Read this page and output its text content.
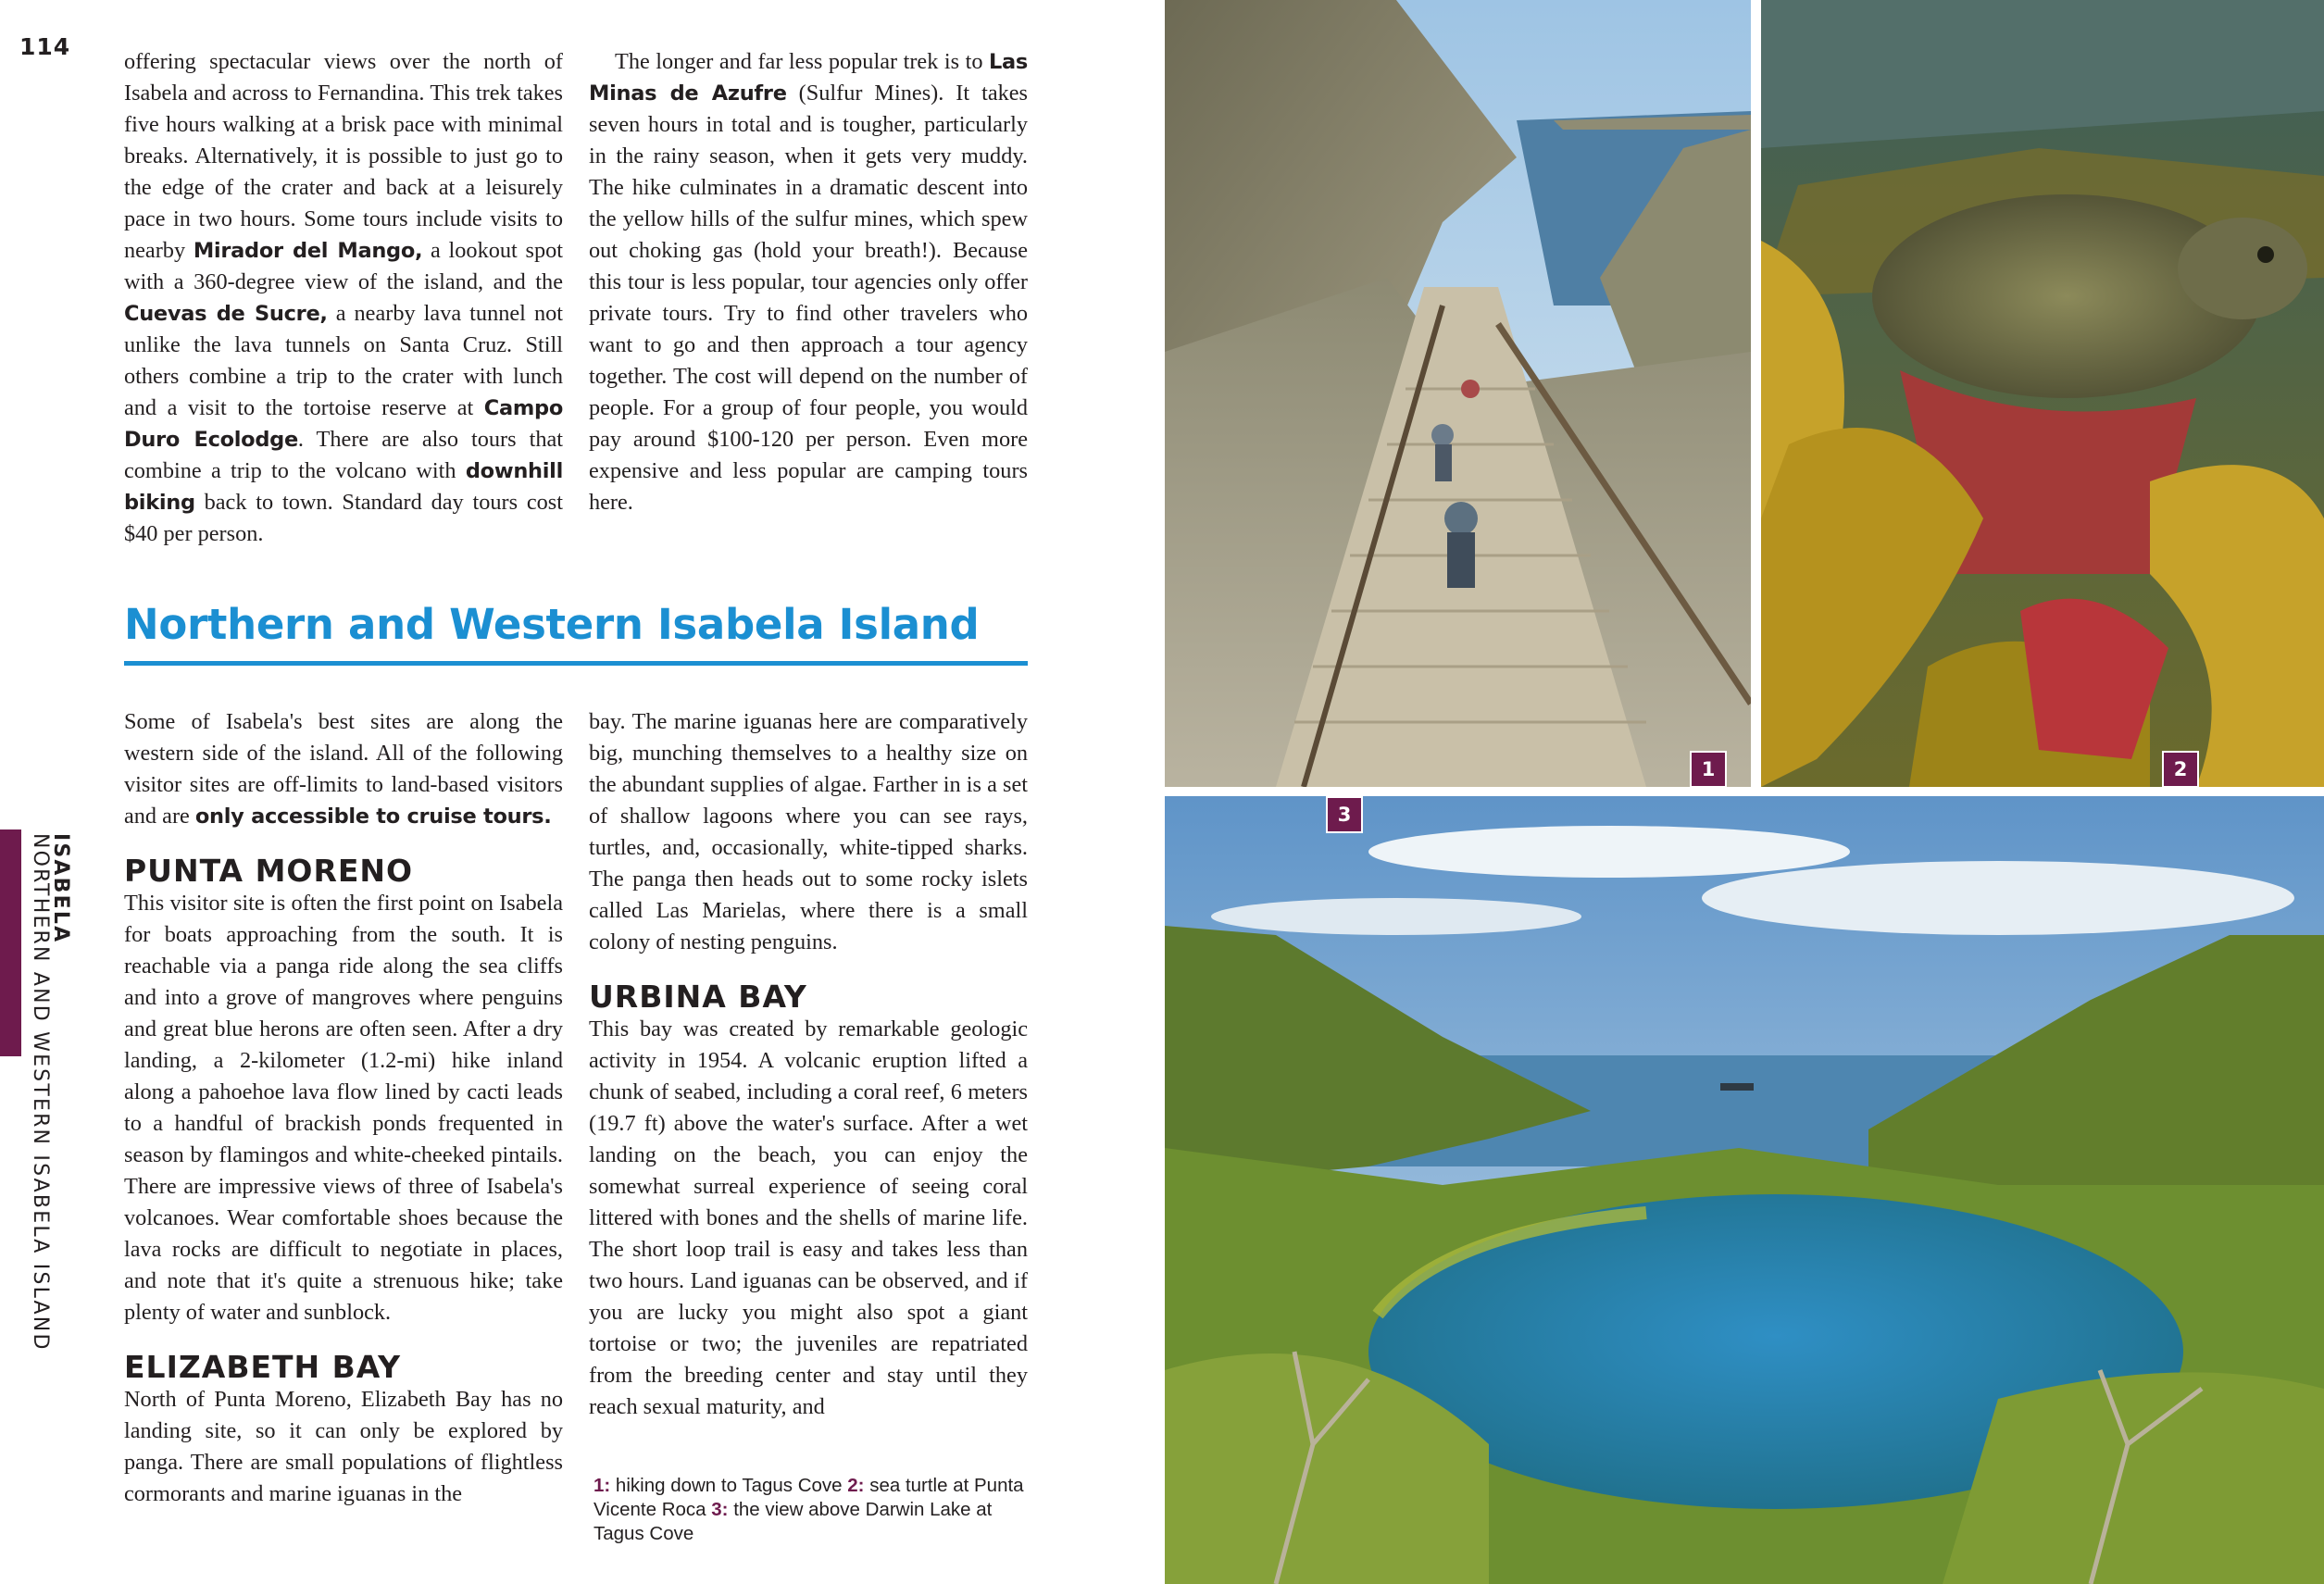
114

offering spectacular views over the north of Isabela and across to Fernandina. This trek takes five hours walking at a brisk pace with minimal breaks. Alternatively, it is possible to just go to the edge of the crater and back at a leisurely pace in two hours. Some tours include visits to nearby Mirador del Mango, a lookout spot with a 360-degree view of the island, and the Cuevas de Sucre, a nearby lava tunnel not unlike the lava tunnels on Santa Cruz. Still others combine a trip to the crater with lunch and a visit to the tortoise reserve at Campo Duro Ecolodge. There are also tours that combine a trip to the volcano with downhill biking back to town. Standard day tours cost $40 per person.

The longer and far less popular trek is to Las Minas de Azufre (Sulfur Mines). It takes seven hours in total and is tougher, particularly in the rainy season, when it gets very muddy. The hike culminates in a dramatic descent into the yellow hills of the sulfur mines, which spew out choking gas (hold your breath!). Because this tour is less popular, tour agencies only offer private tours. Try to find other travelers who want to go and then approach a tour agency together. The cost will depend on the number of people. For a group of four people, you would pay around $100-120 per person. Even more expensive and less popular are camping tours here.

Northern and Western Isabela Island

Some of Isabela's best sites are along the western side of the island. All of the following visitor sites are off-limits to land-based visitors and are only accessible to cruise tours.

PUNTA MORENO

This visitor site is often the first point on Isabela for boats approaching from the south. It is reachable via a panga ride along the sea cliffs and into a grove of mangroves where penguins and great blue herons are often seen. After a dry landing, a 2-kilometer (1.2-mi) hike inland along a pahoehoe lava flow lined by cacti leads to a handful of brackish ponds frequented in season by flamingos and white-cheeked pintails. There are impressive views of three of Isabela's volcanoes. Wear comfortable shoes because the lava rocks are difficult to negotiate in places, and note that it's quite a strenuous hike; take plenty of water and sunblock.

ELIZABETH BAY

North of Punta Moreno, Elizabeth Bay has no landing site, so it can only be explored by panga. There are small populations of flightless cormorants and marine iguanas in the

bay. The marine iguanas here are comparatively big, munching themselves to a healthy size on the abundant supplies of algae. Farther in is a set of shallow lagoons where you can see rays, turtles, and, occasionally, white-tipped sharks. The panga then heads out to some rocky islets called Las Marielas, where there is a small colony of nesting penguins.

URBINA BAY

This bay was created by remarkable geologic activity in 1954. A volcanic eruption lifted a chunk of seabed, including a coral reef, 6 meters (19.7 ft) above the water's surface. After a wet landing on the beach, you can enjoy the somewhat surreal experience of seeing coral littered with bones and the shells of marine life. The short loop trail is easy and takes less than two hours. Land iguanas can be observed, and if you are lucky you might also spot a giant tortoise or two; the juveniles are repatriated from the breeding center and stay until they reach sexual maturity, and

1: hiking down to Tagus Cove 2: sea turtle at Punta Vicente Roca 3: the view above Darwin Lake at Tagus Cove
ISABELA
NORTHERN AND WESTERN ISABELA ISLAND
1	2
3
